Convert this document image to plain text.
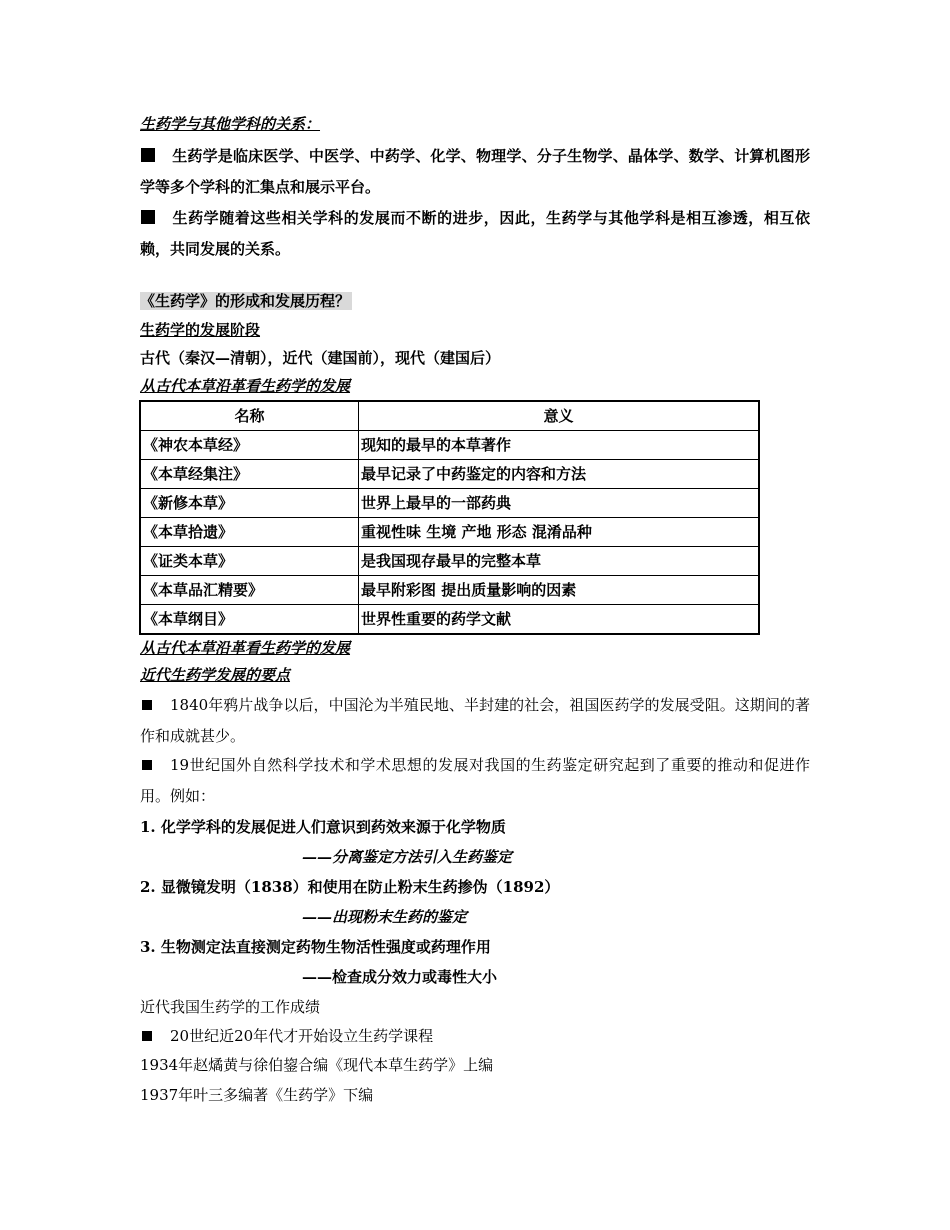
生药学与其他学科的关系：
生药学是临床医学、中医学、中药学、化学、物理学、分子生物学、晶体学、数学、计算机图形学等多个学科的汇集点和展示平台。
生药学随着这些相关学科的发展而不断的进步，因此，生药学与其他学科是相互渗透，相互依赖，共同发展的关系。
《生药学》的形成和发展历程？
生药学的发展阶段
古代（秦汉—清朝），近代（建国前），现代（建国后）
从古代本草沿革看生药学的发展
名称	意义
《神农本草经》	现知的最早的本草著作
《本草经集注》	最早记录了中药鉴定的内容和方法
《新修本草》	世界上最早的一部药典
《本草拾遗》	重视性味 生境 产地 形态 混淆品种
《证类本草》	是我国现存最早的完整本草
《本草品汇精要》	最早附彩图 提出质量影响的因素
《本草纲目》	世界性重要的药学文献
从古代本草沿革看生药学的发展
近代生药学发展的要点
1840年鸦片战争以后，中国沦为半殖民地、半封建的社会，祖国医药学的发展受阻。这期间的著作和成就甚少。
19世纪国外自然科学技术和学术思想的发展对我国的生药鉴定研究起到了重要的推动和促进作用。例如：
1. 化学学科的发展促进人们意识到药效来源于化学物质
——分离鉴定方法引入生药鉴定
2. 显微镜发明（1838）和使用在防止粉末生药掺伪（1892）
——出现粉末生药的鉴定
3. 生物测定法直接测定药物生物活性强度或药理作用
——检查成分效力或毒性大小
近代我国生药学的工作成绩
20世纪近20年代才开始设立生药学课程
1934年赵燏黄与徐伯鋆合编《现代本草生药学》上编
1937年叶三多编著《生药学》下编
